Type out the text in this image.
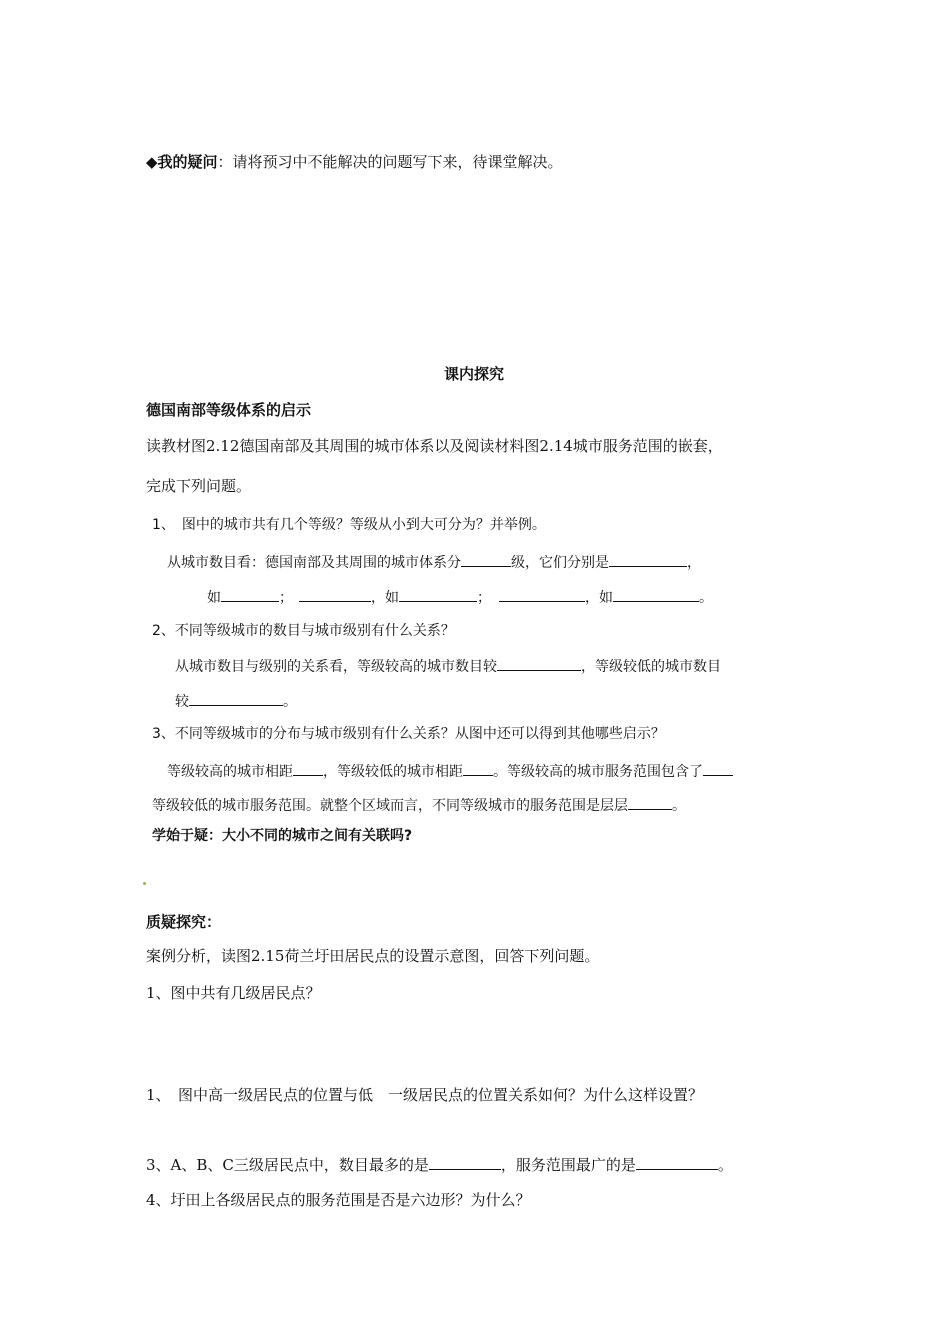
◆我的疑问：请将预习中不能解决的问题写下来，待课堂解决。
课内探究
德国南部等级体系的启示
读教材图2.12德国南部及其周围的城市体系以及阅读材料图2.14城市服务范围的嵌套，
完成下列问题。
1、　图中的城市共有几个等级？等级从小到大可分为？并举例。
从城市数目看：德国南部及其周围的城市体系分	级，它们分别是	，
如	；	，如	；	，如	。
2、不同等级城市的数目与城市级别有什么关系？
从城市数目与级别的关系看，等级较高的城市数目较	，等级较低的城市数目
较	。
3、不同等级城市的分布与城市级别有什么关系？从图中还可以得到其他哪些启示？
等级较高的城市相距 ，等级较低的城市相距 。等级较高的城市服务范围包含了
等级较低的城市服务范围。就整个区域而言，不同等级城市的服务范围是层层	。
学始于疑：大小不同的城市之间有关联吗?
质疑探究：
案例分析，读图2.15荷兰圩田居民点的设置示意图，回答下列问题。
1、图中共有几级居民点？
1、　图中高一级居民点的位置与低　一级居民点的位置关系如何？为什么这样设置？
3、A、B、C三级居民点中，数目最多的是	，服务范围最广的是	。
4、圩田上各级居民点的服务范围是否是六边形？为什么？
